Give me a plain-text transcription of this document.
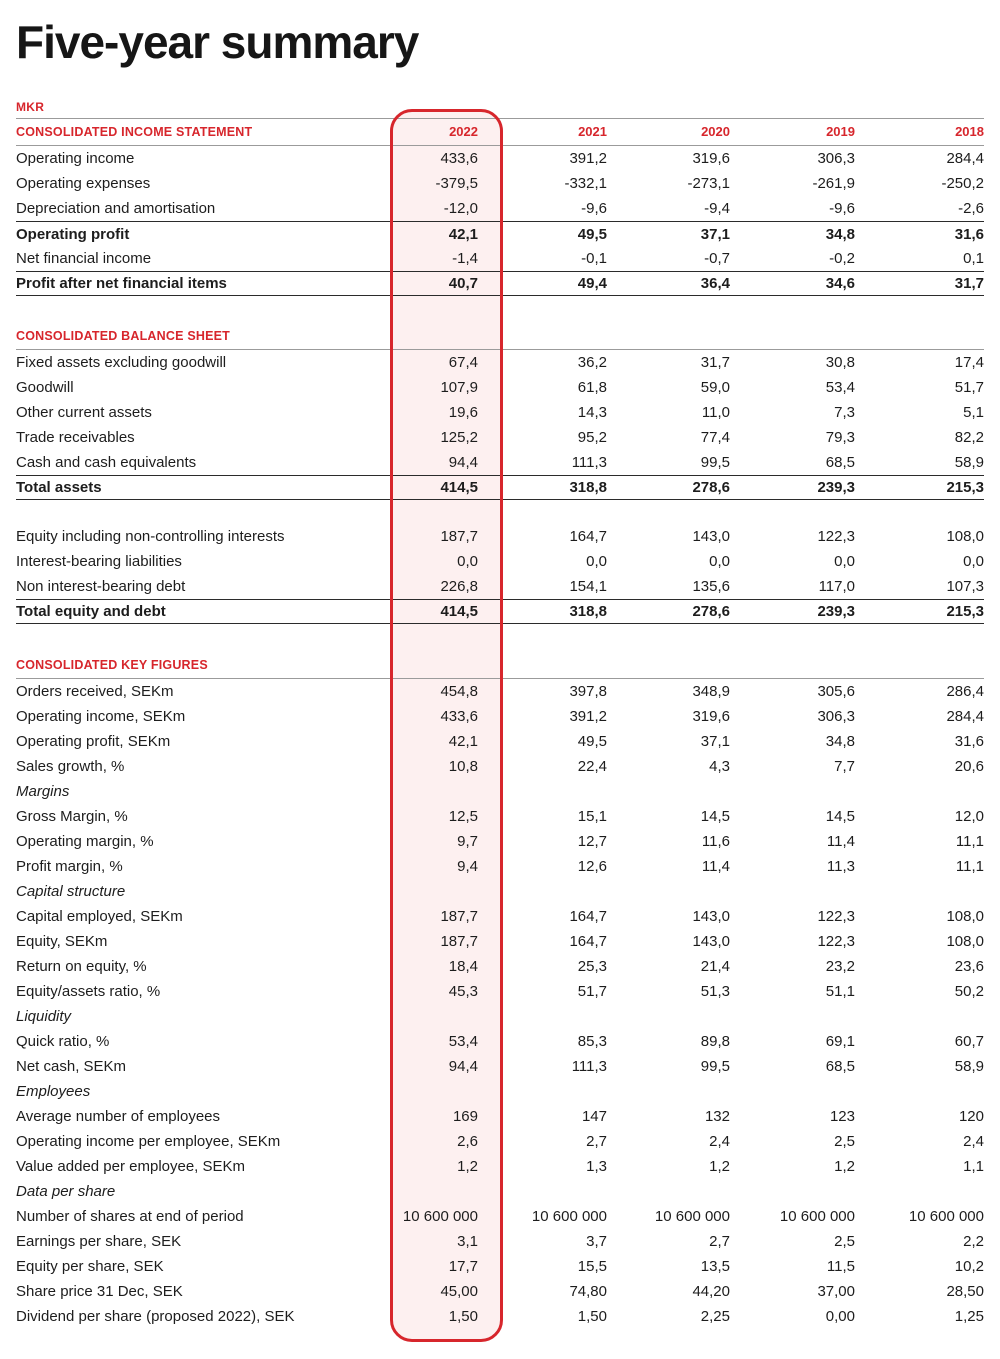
Five-year summary
MKR
CONSOLIDATED INCOME STATEMENT	2022	2021	2020	2019	2018
Operating income	433,6	391,2	319,6	306,3	284,4
Operating expenses	-379,5	-332,1	-273,1	-261,9	-250,2
Depreciation and amortisation	-12,0	-9,6	-9,4	-9,6	-2,6
Operating profit	42,1	49,5	37,1	34,8	31,6
Net financial income	-1,4	-0,1	-0,7	-0,2	0,1
Profit after net financial items	40,7	49,4	36,4	34,6	31,7
CONSOLIDATED BALANCE SHEET
Fixed assets excluding goodwill	67,4	36,2	31,7	30,8	17,4
Goodwill	107,9	61,8	59,0	53,4	51,7
Other current assets	19,6	14,3	11,0	7,3	5,1
Trade receivables	125,2	95,2	77,4	79,3	82,2
Cash and cash equivalents	94,4	111,3	99,5	68,5	58,9
Total assets	414,5	318,8	278,6	239,3	215,3
Equity including non-controlling interests	187,7	164,7	143,0	122,3	108,0
Interest-bearing liabilities	0,0	0,0	0,0	0,0	0,0
Non interest-bearing debt	226,8	154,1	135,6	117,0	107,3
Total equity and debt	414,5	318,8	278,6	239,3	215,3
CONSOLIDATED KEY FIGURES
Orders received, SEKm	454,8	397,8	348,9	305,6	286,4
Operating income, SEKm	433,6	391,2	319,6	306,3	284,4
Operating profit, SEKm	42,1	49,5	37,1	34,8	31,6
Sales growth, %	10,8	22,4	4,3	7,7	20,6
Margins
Gross Margin, %	12,5	15,1	14,5	14,5	12,0
Operating margin, %	9,7	12,7	11,6	11,4	11,1
Profit margin, %	9,4	12,6	11,4	11,3	11,1
Capital structure
Capital employed, SEKm	187,7	164,7	143,0	122,3	108,0
Equity, SEKm	187,7	164,7	143,0	122,3	108,0
Return on equity, %	18,4	25,3	21,4	23,2	23,6
Equity/assets ratio, %	45,3	51,7	51,3	51,1	50,2
Liquidity
Quick ratio, %	53,4	85,3	89,8	69,1	60,7
Net cash, SEKm	94,4	111,3	99,5	68,5	58,9
Employees
Average number of employees	169	147	132	123	120
Operating income per employee, SEKm	2,6	2,7	2,4	2,5	2,4
Value added per employee, SEKm	1,2	1,3	1,2	1,2	1,1
Data per share
Number of shares at end of period	10 600 000	10 600 000	10 600 000	10 600 000	10 600 000
Earnings per share, SEK	3,1	3,7	2,7	2,5	2,2
Equity per share, SEK	17,7	15,5	13,5	11,5	10,2
Share price 31 Dec, SEK	45,00	74,80	44,20	37,00	28,50
Dividend per share (proposed 2022), SEK	1,50	1,50	2,25	0,00	1,25
